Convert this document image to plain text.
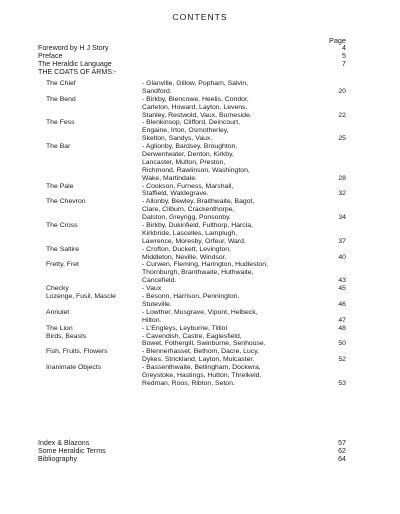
CONTENTS
Page
Foreword by H J Story	4
Preface	5
The Heraldic Language	7
THE COATS OF ARMS:-
The Chief	- Glanville, Gillow, Popham, Salvin,
Sandford.	20
The Bend	- Birkby, Blencowe, Heelis, Condor,
Carleton, Howard, Layton, Levens,
Stanley, Restwold, Vaux, Burneside.	22
The Fess	- Blenkinsop, Clifford, Deincourt,
Engaine, Irton, Osmotherley,
Skelton, Sandys, Vaux.	25
The Bar	- Aglionby, Bardsey, Broughton,
Derwentwater, Denton, Kirkby,
Lancaster, Multon, Preston,
Richmond, Rawlinson, Washington,
Wake, Martindale.	28
The Pale	- Cookson, Furness, Marshall,
Staffield, Waldegrave.	32
The Chevron	- Allonby, Bewley, Braithwaite, Bagot,
Clare, Cliburn, Crackenthorpe,
Dalston, Greyrigg, Ponsonby.	34
The Cross	- Birkby, Dukinfield, Fulthorp, Harcla,
Kirkbride, Lascelles, Lamplugh,
Lawrence, Moresby, Orfeur, Ward.	37
The Saltire	- Crofton, Duckett, Levington,
Middleton, Neville, Windsor.	40
Fretty, Fret	- Curwen, Fleming, Harington, Hudleston,
Thornburgh, Branthwaite, Huthwaite,
Cancefield.	43
Checky	- Vaux	45
Lozenge, Fusil, Mascle	- Besonn, Harrison, Pennington,
Stuteville.	46
Annulet	- Lowther, Musgrave, Vipont, Helbeck,
Hilton.	47
The Lion	- L'Engleys, Leyburne, Tilliol	48
Birds, Beasts	- Cavendish, Castre, Eaglesfield,
Bowet, Fothergill, Swinburne, Senhouse.	50
Fish, Fruits, Flowers	- Blennerhasset, Bethom, Dacre, Lucy,
Dykes, Strickland, Layton, Mulcaster.	52
Inanimate Objects	- Bassenthwaite, Bellingham, Dockwra,
Greystoke, Hastings, Hutton, Threlkeld,
Redman, Roos, Ribton, Seton.	53
Index & Blazons	57
Some Heraldic Terms	62
Bibliography	64
